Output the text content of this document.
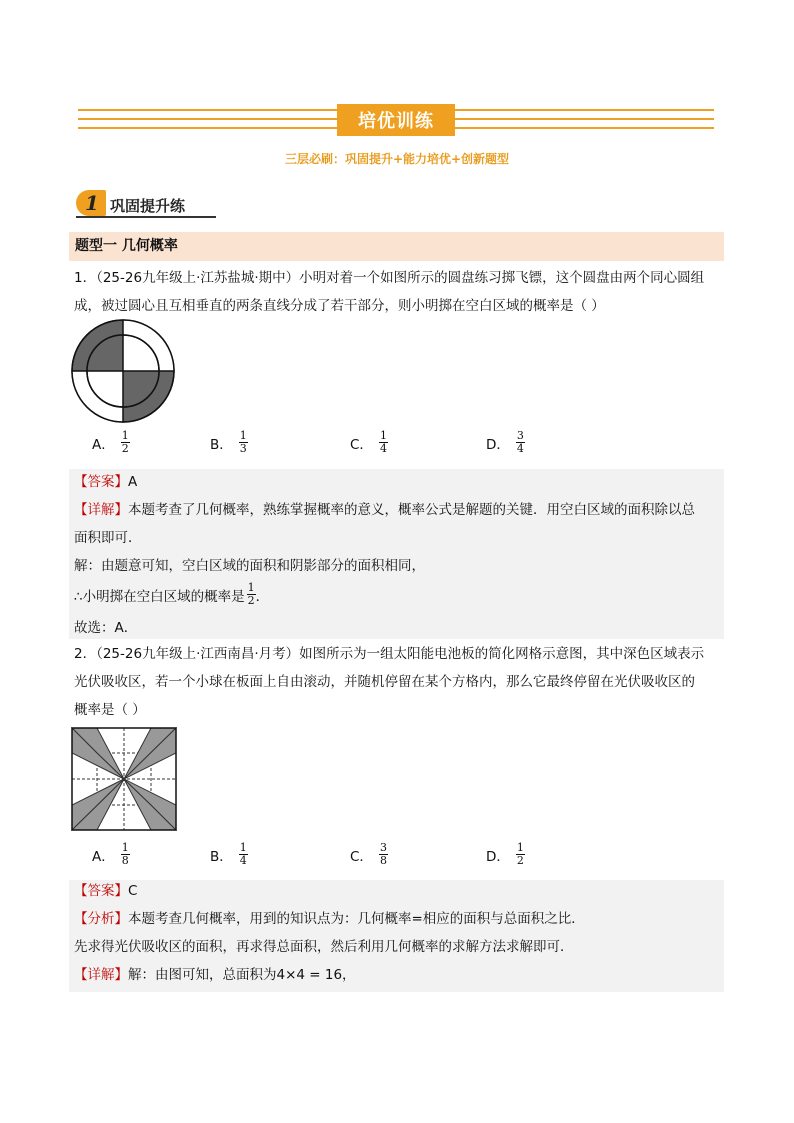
培优训练
三层必刷：巩固提升+能力培优+创新题型
1 巩固提升练
题型一 几何概率
1．（25-26九年级上·江苏盐城·期中）小明对着一个如图所示的圆盘练习掷飞镖，这个圆盘由两个同心圆组
成，被过圆心且互相垂直的两条直线分成了若干部分，则小明掷在空白区域的概率是（ ）
A． $\frac{1}{2}$	B． $\frac{1}{3}$	C． $\frac{1}{4}$	D． $\frac{3}{4}$
【答案】A
【详解】本题考查了几何概率，熟练掌握概率的意义，概率公式是解题的关键．用空白区域的面积除以总
面积即可．
解：由题意可知，空白区域的面积和阴影部分的面积相同，
∴小明掷在空白区域的概率是 $\frac{1}{2}$ ．
故选：A．
2．（25-26九年级上·江西南昌·月考）如图所示为一组太阳能电池板的简化网格示意图，其中深色区域表示
光伏吸收区，若一个小球在板面上自由滚动，并随机停留在某个方格内，那么它最终停留在光伏吸收区的
概率是（ ）
A． $\frac{1}{8}$	B． $\frac{1}{4}$	C． $\frac{3}{8}$	D． $\frac{1}{2}$
【答案】C
【分析】本题考查几何概率，用到的知识点为：几何概率=相应的面积与总面积之比．
先求得光伏吸收区的面积，再求得总面积，然后利用几何概率的求解方法求解即可．
【详解】解：由图可知，总面积为4×4 = 16，
